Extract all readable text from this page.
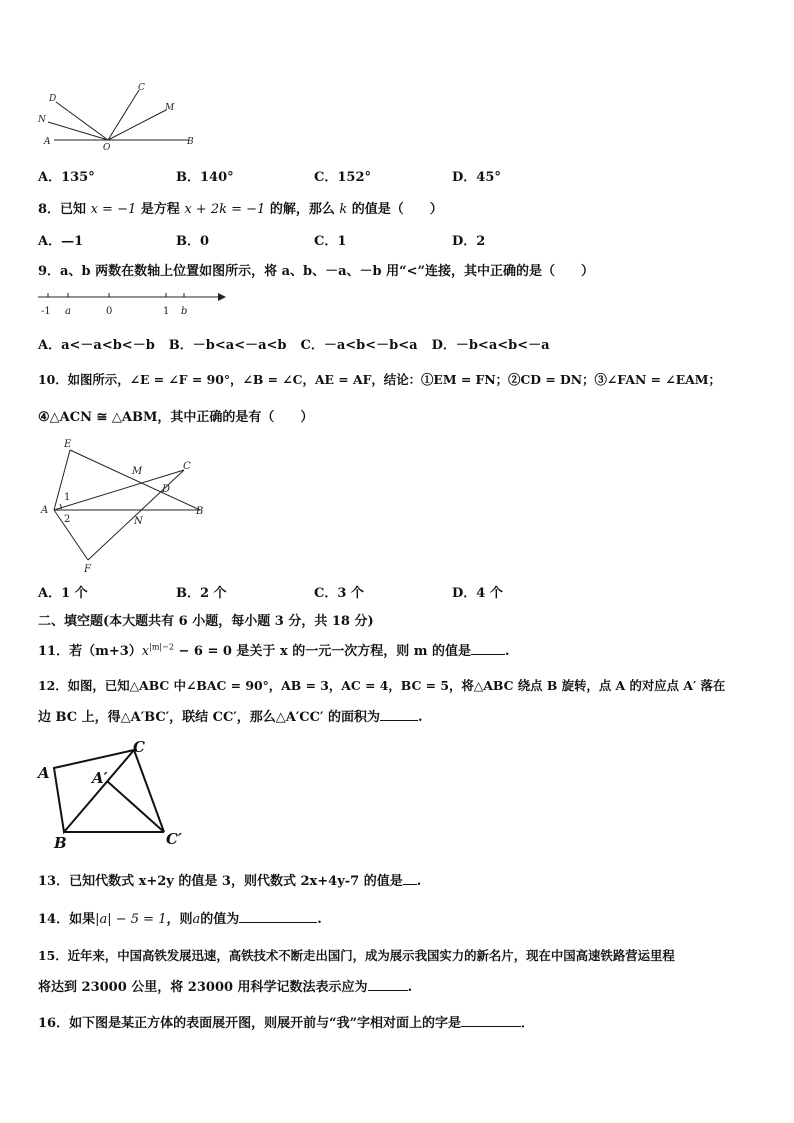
D
C
M
N
A
O
B
A．135°	B．140°	C．152°	D．45°
8．已知 x = −1 是方程 x + 2k = −1 的解，那么 k 的值是（　　）
A．—1	B．0	C．1	D．2
9．a、b 两数在数轴上位置如图所示，将 a、b、－a、－b 用“<”连接，其中正确的是（　　）
-1 a	0	1 b
A．a<－a<b<－b B．－b<a<－a<b C．－a<b<－b<a D．－b<a<b<－a
10．如图所示，∠E = ∠F = 90°，∠B = ∠C，AE = AF，结论：①EM = FN；②CD = DN；③∠FAN = ∠EAM；
④△ACN ≅ △ABM，其中正确的是有（　　）
E
M	C
D
A
N
B
F
1
2
A．1 个	B．2 个	C．3 个	D．4 个
二、填空题(本大题共有 6 小题，每小题 3 分，共 18 分)
11．若$(m+3)x^{|m|-2} - 6 = 0$ 是关于 x 的一元一次方程，则 m 的值是	.
12．如图，已知△ABC 中∠BAC = 90°，AB = 3，AC = 4，BC = 5，将△ABC 绕点 B 旋转，点 A 的对应点 A′ 落在
边 BC 上，得△A′BC′，联结 CC′，那么△A′CC′ 的面积为	.
A
C
A′
B	C′
13．已知代数式 x+2y 的值是 3，则代数式 2x+4y-7 的值是 .
14．如果|a| − 5 = 1，则a的值为	.
15．近年来，中国高铁发展迅速，高铁技术不断走出国门，成为展示我国实力的新名片，现在中国高速铁路营运里程
将达到 23000 公里，将 23000 用科学记数法表示应为	.
16．如下图是某正方体的表面展开图，则展开前与“我”字相对面上的字是	．
